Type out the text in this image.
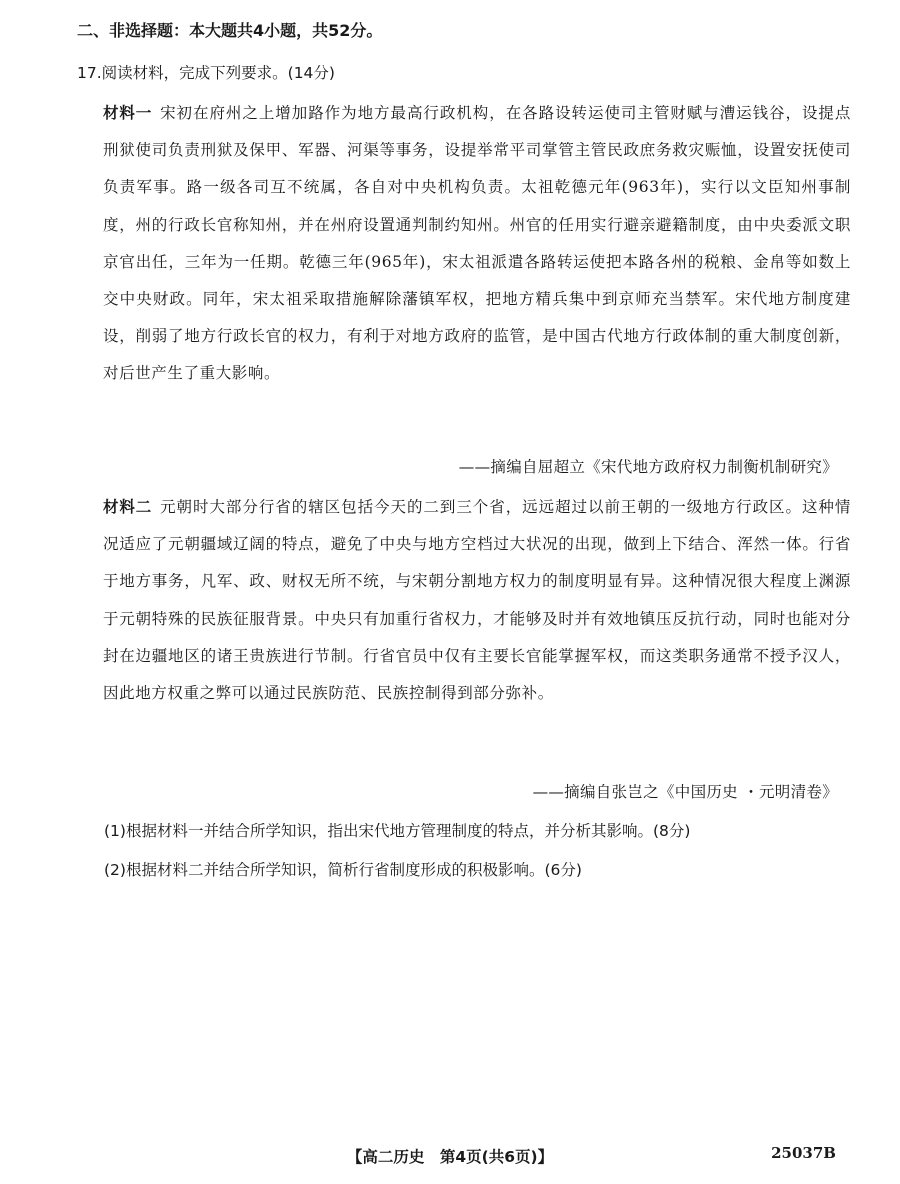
二、非选择题：本大题共4小题，共52分。
17.阅读材料，完成下列要求。(14分)
材料一 宋初在府州之上增加路作为地方最高行政机构，在各路设转运使司主管财赋与漕运钱谷，设提点刑狱使司负责刑狱及保甲、军器、河渠等事务，设提举常平司掌管主管民政庶务救灾赈恤，设置安抚使司负责军事。路一级各司互不统属，各自对中央机构负责。太祖乾德元年(963年)，实行以文臣知州事制度，州的行政长官称知州，并在州府设置通判制约知州。州官的任用实行避亲避籍制度，由中央委派文职京官出任，三年为一任期。乾德三年(965年)，宋太祖派遣各路转运使把本路各州的税粮、金帛等如数上交中央财政。同年，宋太祖采取措施解除藩镇军权，把地方精兵集中到京师充当禁军。宋代地方制度建设，削弱了地方行政长官的权力，有利于对地方政府的监管，是中国古代地方行政体制的重大制度创新，对后世产生了重大影响。
——摘编自屈超立《宋代地方政府权力制衡机制研究》
材料二 元朝时大部分行省的辖区包括今天的二到三个省，远远超过以前王朝的一级地方行政区。这种情况适应了元朝疆域辽阔的特点，避免了中央与地方空档过大状况的出现，做到上下结合、浑然一体。行省于地方事务，凡军、政、财权无所不统，与宋朝分割地方权力的制度明显有异。这种情况很大程度上渊源于元朝特殊的民族征服背景。中央只有加重行省权力，才能够及时并有效地镇压反抗行动，同时也能对分封在边疆地区的诸王贵族进行节制。行省官员中仅有主要长官能掌握军权，而这类职务通常不授予汉人，因此地方权重之弊可以通过民族防范、民族控制得到部分弥补。
——摘编自张岂之《中国历史 ・元明清卷》
(1)根据材料一并结合所学知识，指出宋代地方管理制度的特点，并分析其影响。(8分)
(2)根据材料二并结合所学知识，简析行省制度形成的积极影响。(6分)
【高二历史　第4页(共6页)】	25037B
